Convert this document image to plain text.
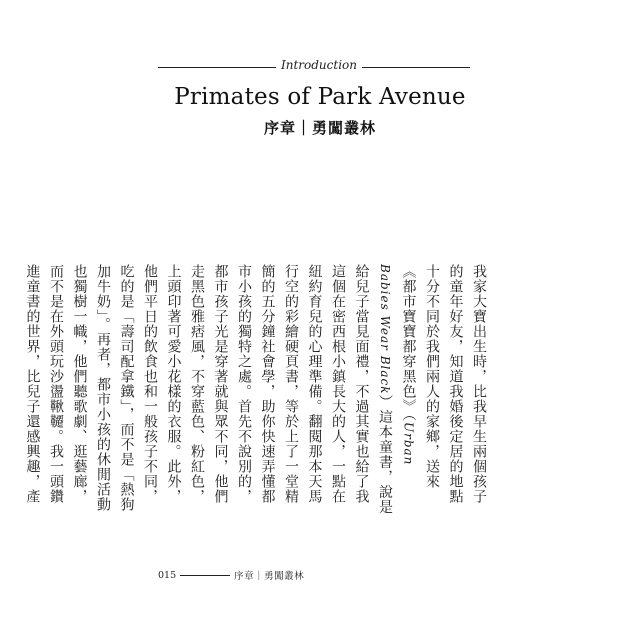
Introduction
Primates of Park Avenue
序章｜勇闖叢林

我家大寶出生時，比我早生兩個孩子的童年好友，知道我婚後定居的地點十分不同於我們兩人的家鄉，送來《都市寶寶都穿黑色》（Urban Babies Wear Black）這本童書，說是給兒子當見面禮，不過其實也給了我這個在密西根小鎮長大的人，一點在紐約育兒的心理準備。翻閱那本天馬行空的彩繪硬頁書，等於上了一堂精簡的五分鐘社會學，助你快速弄懂都市小孩的獨特之處。首先不說別的，都市孩子光是穿著就與眾不同，他們走黑色雅痞風，不穿藍色、粉紅色，上頭印著可愛小花樣的衣服。此外，他們平日的飲食也和一般孩子不同，吃的是「壽司配拿鐵」，而不是「熱狗加牛奶」。再者，都市小孩的休閒活動也獨樹一幟，他們聽歌劇、逛藝廊，而不是在外頭玩沙盪鞦韆。我一頭鑽進童書的世界，比兒子還感興趣，產

015	序章｜勇闖叢林
